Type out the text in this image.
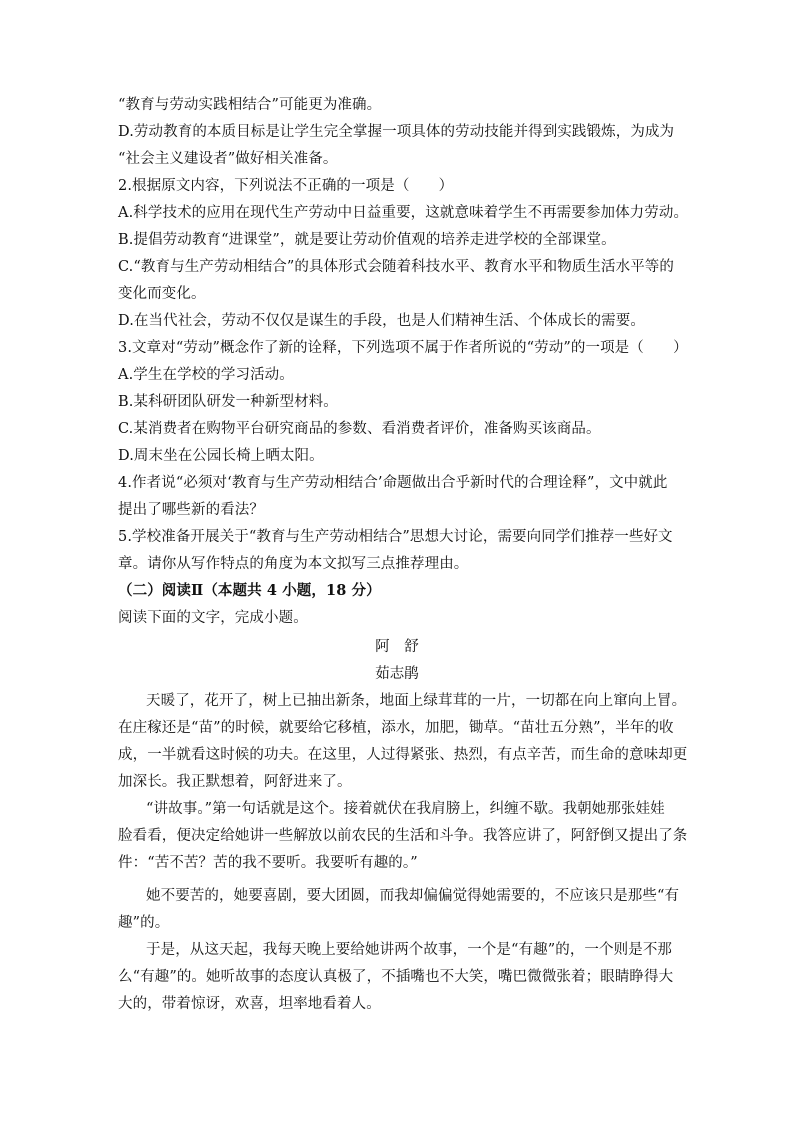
“教育与劳动实践相结合”可能更为准确。
D.劳动教育的本质目标是让学生完全掌握一项具体的劳动技能并得到实践锻炼，为成为
“社会主义建设者”做好相关准备。
2.根据原文内容，下列说法不正确的一项是（　　）
A.科学技术的应用在现代生产劳动中日益重要，这就意味着学生不再需要参加体力劳动。
B.提倡劳动教育“进课堂”，就是要让劳动价值观的培养走进学校的全部课堂。
C.“教育与生产劳动相结合”的具体形式会随着科技水平、教育水平和物质生活水平等的
变化而变化。
D.在当代社会，劳动不仅仅是谋生的手段，也是人们精神生活、个体成长的需要。
3.文章对“劳动”概念作了新的诠释，下列选项不属于作者所说的“劳动”的一项是（　　）
A.学生在学校的学习活动。
B.某科研团队研发一种新型材料。
C.某消费者在购物平台研究商品的参数、看消费者评价，准备购买该商品。
D.周末坐在公园长椅上晒太阳。
4.作者说“必须对‘教育与生产劳动相结合’命题做出合乎新时代的合理诠释”，文中就此
提出了哪些新的看法？
5.学校准备开展关于“教育与生产劳动相结合”思想大讨论，需要向同学们推荐一些好文
章。请你从写作特点的角度为本文拟写三点推荐理由。
（二）阅读Ⅱ（本题共 4 小题，18 分）
阅读下面的文字，完成小题。
阿　舒
茹志鹃
天暖了，花开了，树上已抽出新条，地面上绿茸茸的一片，一切都在向上窜向上冒。
在庄稼还是“苗”的时候，就要给它移植，添水，加肥，锄草。“苗壮五分熟”，半年的收
成，一半就看这时候的功夫。在这里，人过得紧张、热烈，有点辛苦，而生命的意味却更
加深长。我正默想着，阿舒进来了。
“讲故事。”第一句话就是这个。接着就伏在我肩膀上，纠缠不歇。我朝她那张娃娃
脸看看，便决定给她讲一些解放以前农民的生活和斗争。我答应讲了，阿舒倒又提出了条
件：“苦不苦？苦的我不要听。我要听有趣的。”
她不要苦的，她要喜剧，要大团圆，而我却偏偏觉得她需要的，不应该只是那些“有
趣”的。
于是，从这天起，我每天晚上要给她讲两个故事，一个是“有趣”的，一个则是不那
么“有趣”的。她听故事的态度认真极了，不插嘴也不大笑，嘴巴微微张着；眼睛睁得大
大的，带着惊讶，欢喜，坦率地看着人。
